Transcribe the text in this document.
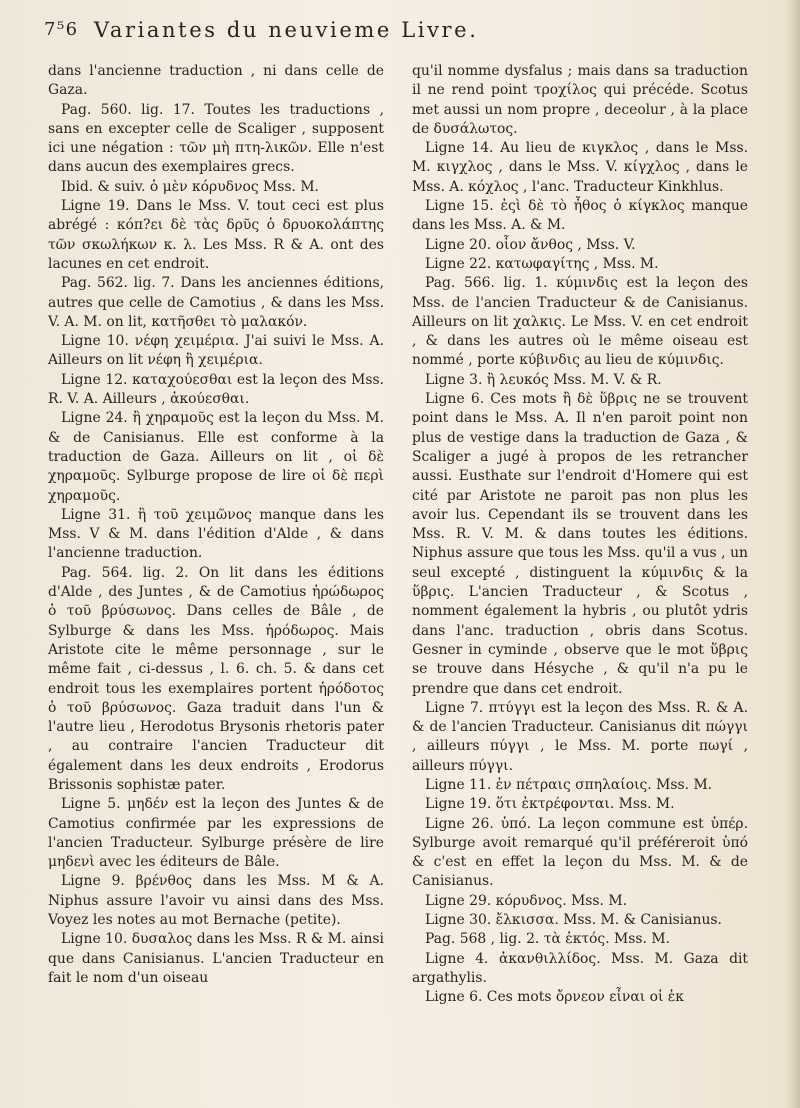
7⁵6 Variantes du neuvieme Livre.

dans l'ancienne traduction , ni dans celle de Gaza.

Pag. 560. lig. 17. Toutes les traductions , sans en excepter celle de Scaliger , supposent ici une négation : τῶν μὴ πτη-λικῶν. Elle n'est dans aucun des exemplaires grecs.

Ibid. & suiv. ὁ μὲν κόρυδνος Mss. M.

Ligne 19. Dans le Mss. V. tout ceci est plus abrégé : κόπ?ει δὲ τὰς δρῦς ὁ δρυοκολάπτης τῶν σκωλήκων κ. λ. Les Mss. R & A. ont des lacunes en cet endroit.

Pag. 562. lig. 7. Dans les anciennes éditions, autres que celle de Camotius , & dans les Mss. V. A. M. on lit, κατῆσθει τὸ μαλακόν.

Ligne 10. νέφη χειμέρια. J'ai suivi le Mss. A. Ailleurs on lit νέφη ἢ χειμέρια.

Ligne 12. καταχούεσθαι est la leçon des Mss. R. V. A. Ailleurs , ἀκούεσθαι.

Ligne 24. ἢ χηραμοῦς est la leçon du Mss. M. & de Canisianus. Elle est conforme à la traduction de Gaza. Ailleurs on lit , οἱ δὲ χηραμοῦς. Sylburge propose de lire οἱ δὲ περὶ χηραμοῦς.

Ligne 31. ἢ τοῦ χειμῶνος manque dans les Mss. V & M. dans l'édition d'Alde , & dans l'ancienne traduction.

Pag. 564. lig. 2. On lit dans les éditions d'Alde , des Juntes , & de Camotius ἡρώδωρος ὁ τοῦ βρύσωνος. Dans celles de Bâle , de Sylburge & dans les Mss. ἡρόδωρος. Mais Aristote cite le même personnage , sur le même fait , ci-dessus , l. 6. ch. 5. & dans cet endroit tous les exemplaires portent ἡρόδοτος ὁ τοῦ βρύσωνος. Gaza traduit dans l'un & l'autre lieu , Herodotus Brysonis rhetoris pater , au contraire l'ancien Traducteur dit également dans les deux endroits , Erodorus Brissonis sophistæ pater.

Ligne 5. μηδέν est la leçon des Juntes & de Camotius confirmée par les expressions de l'ancien Traducteur. Sylburge présère de lire μηδενὶ avec les éditeurs de Bâle.

Ligne 9. βρένθος dans les Mss. M & A. Niphus assure l'avoir vu ainsi dans des Mss. Voyez les notes au mot Bernache (petite).

Ligne 10. δυσαλος dans les Mss. R & M. ainsi que dans Canisianus. L'ancien Traducteur en fait le nom d'un oiseau

qu'il nomme dysfalus ; mais dans sa traduction il ne rend point τροχίλος qui précéde. Scotus met aussi un nom propre , deceolur , à la place de δυσάλωτος.

Ligne 14. Au lieu de κιγκλος , dans le Mss. M. κιγχλος , dans le Mss. V. κίγχλος , dans le Mss. A. κόχλος , l'anc. Traducteur Kinkhlus.

Ligne 15. ἐςὶ δὲ τὸ ἦθος ὁ κίγκλος manque dans les Mss. A. & M.

Ligne 20. οἷον ἄνθος , Mss. V.

Ligne 22. κατωφαγίτης , Mss. M.

Pag. 566. lig. 1. κύμινδις est la leçon des Mss. de l'ancien Traducteur & de Canisianus. Ailleurs on lit χαλκις. Le Mss. V. en cet endroit , & dans les autres où le même oiseau est nommé , porte κύβινδις au lieu de κύμινδις.

Ligne 3. ἢ λευκός Mss. M. V. & R.

Ligne 6. Ces mots ἢ δὲ ὕβρις ne se trouvent point dans le Mss. A. Il n'en paroit point non plus de vestige dans la traduction de Gaza , & Scaliger a jugé à propos de les retrancher aussi. Eusthate sur l'endroit d'Homere qui est cité par Aristote ne paroit pas non plus les avoir lus. Cependant ils se trouvent dans les Mss. R. V. M. & dans toutes les éditions. Niphus assure que tous les Mss. qu'il a vus , un seul excepté , distinguent la κύμινδις & la ὕβρις. L'ancien Traducteur , & Scotus , nomment également la hybris , ou plutôt ydris dans l'anc. traduction , obris dans Scotus. Gesner in cyminde , observe que le mot ὕβρις se trouve dans Hésyche , & qu'il n'a pu le prendre que dans cet endroit.

Ligne 7. πτύγγι est la leçon des Mss. R. & A. & de l'ancien Traducteur. Canisianus dit πώγγι , ailleurs πύγγι , le Mss. M. porte πωγί , ailleurs πύγγι.

Ligne 11. ἐν πέτραις σπηλαίοις. Mss. M.

Ligne 19. ὅτι ἐκτρέφονται. Mss. M.

Ligne 26. ὑπό. La leçon commune est ὑπέρ. Sylburge avoit remarqué qu'il préféreroit ὑπό & c'est en effet la leçon du Mss. M. & de Canisianus.

Ligne 29. κόρυδνος. Mss. M.

Ligne 30. ἔλκισσα. Mss. M. & Canisianus.

Pag. 568 , lig. 2. τὰ ἐκτός. Mss. M.

Ligne 4. ἀκανθιλλίδος. Mss. M. Gaza dit argathylis.

Ligne 6. Ces mots ὄρνεον εἶναι οἱ ἐκ
